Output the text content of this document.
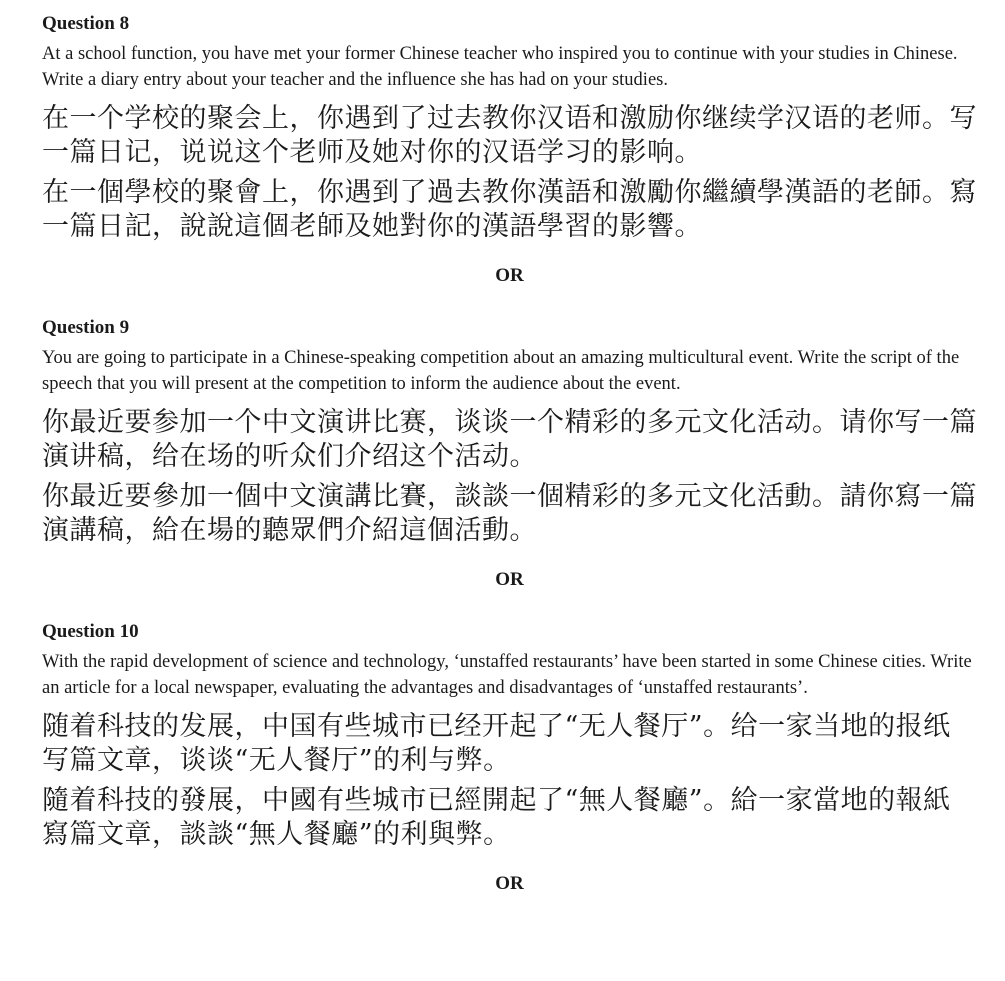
Question 8
At a school function, you have met your former Chinese teacher who inspired you to continue with your studies in Chinese. Write a diary entry about your teacher and the influence she has had on your studies.
在一个学校的聚会上，你遇到了过去教你汉语和激励你继续学汉语的老师。写一篇日记，说说这个老师及她对你的汉语学习的影响。
在一個學校的聚會上，你遇到了過去教你漢語和激勵你繼續學漢語的老師。寫一篇日記，說說這個老師及她對你的漢語學習的影響。
OR
Question 9
You are going to participate in a Chinese-speaking competition about an amazing multicultural event. Write the script of the speech that you will present at the competition to inform the audience about the event.
你最近要参加一个中文演讲比赛，谈谈一个精彩的多元文化活动。请你写一篇演讲稿，给在场的听众们介绍这个活动。
你最近要參加一個中文演講比賽，談談一個精彩的多元文化活動。請你寫一篇演講稿，給在場的聽眾們介紹這個活動。
OR
Question 10
With the rapid development of science and technology, ‘unstaffed restaurants’ have been started in some Chinese cities. Write an article for a local newspaper, evaluating the advantages and disadvantages of ‘unstaffed restaurants’.
随着科技的发展，中国有些城市已经开起了“无人餐厅”。给一家当地的报纸写篇文章，谈谈“无人餐厅”的利与弊。
隨着科技的發展，中國有些城市已經開起了“無人餐廳”。給一家當地的報紙寫篇文章，談談“無人餐廳”的利與弊。
OR
